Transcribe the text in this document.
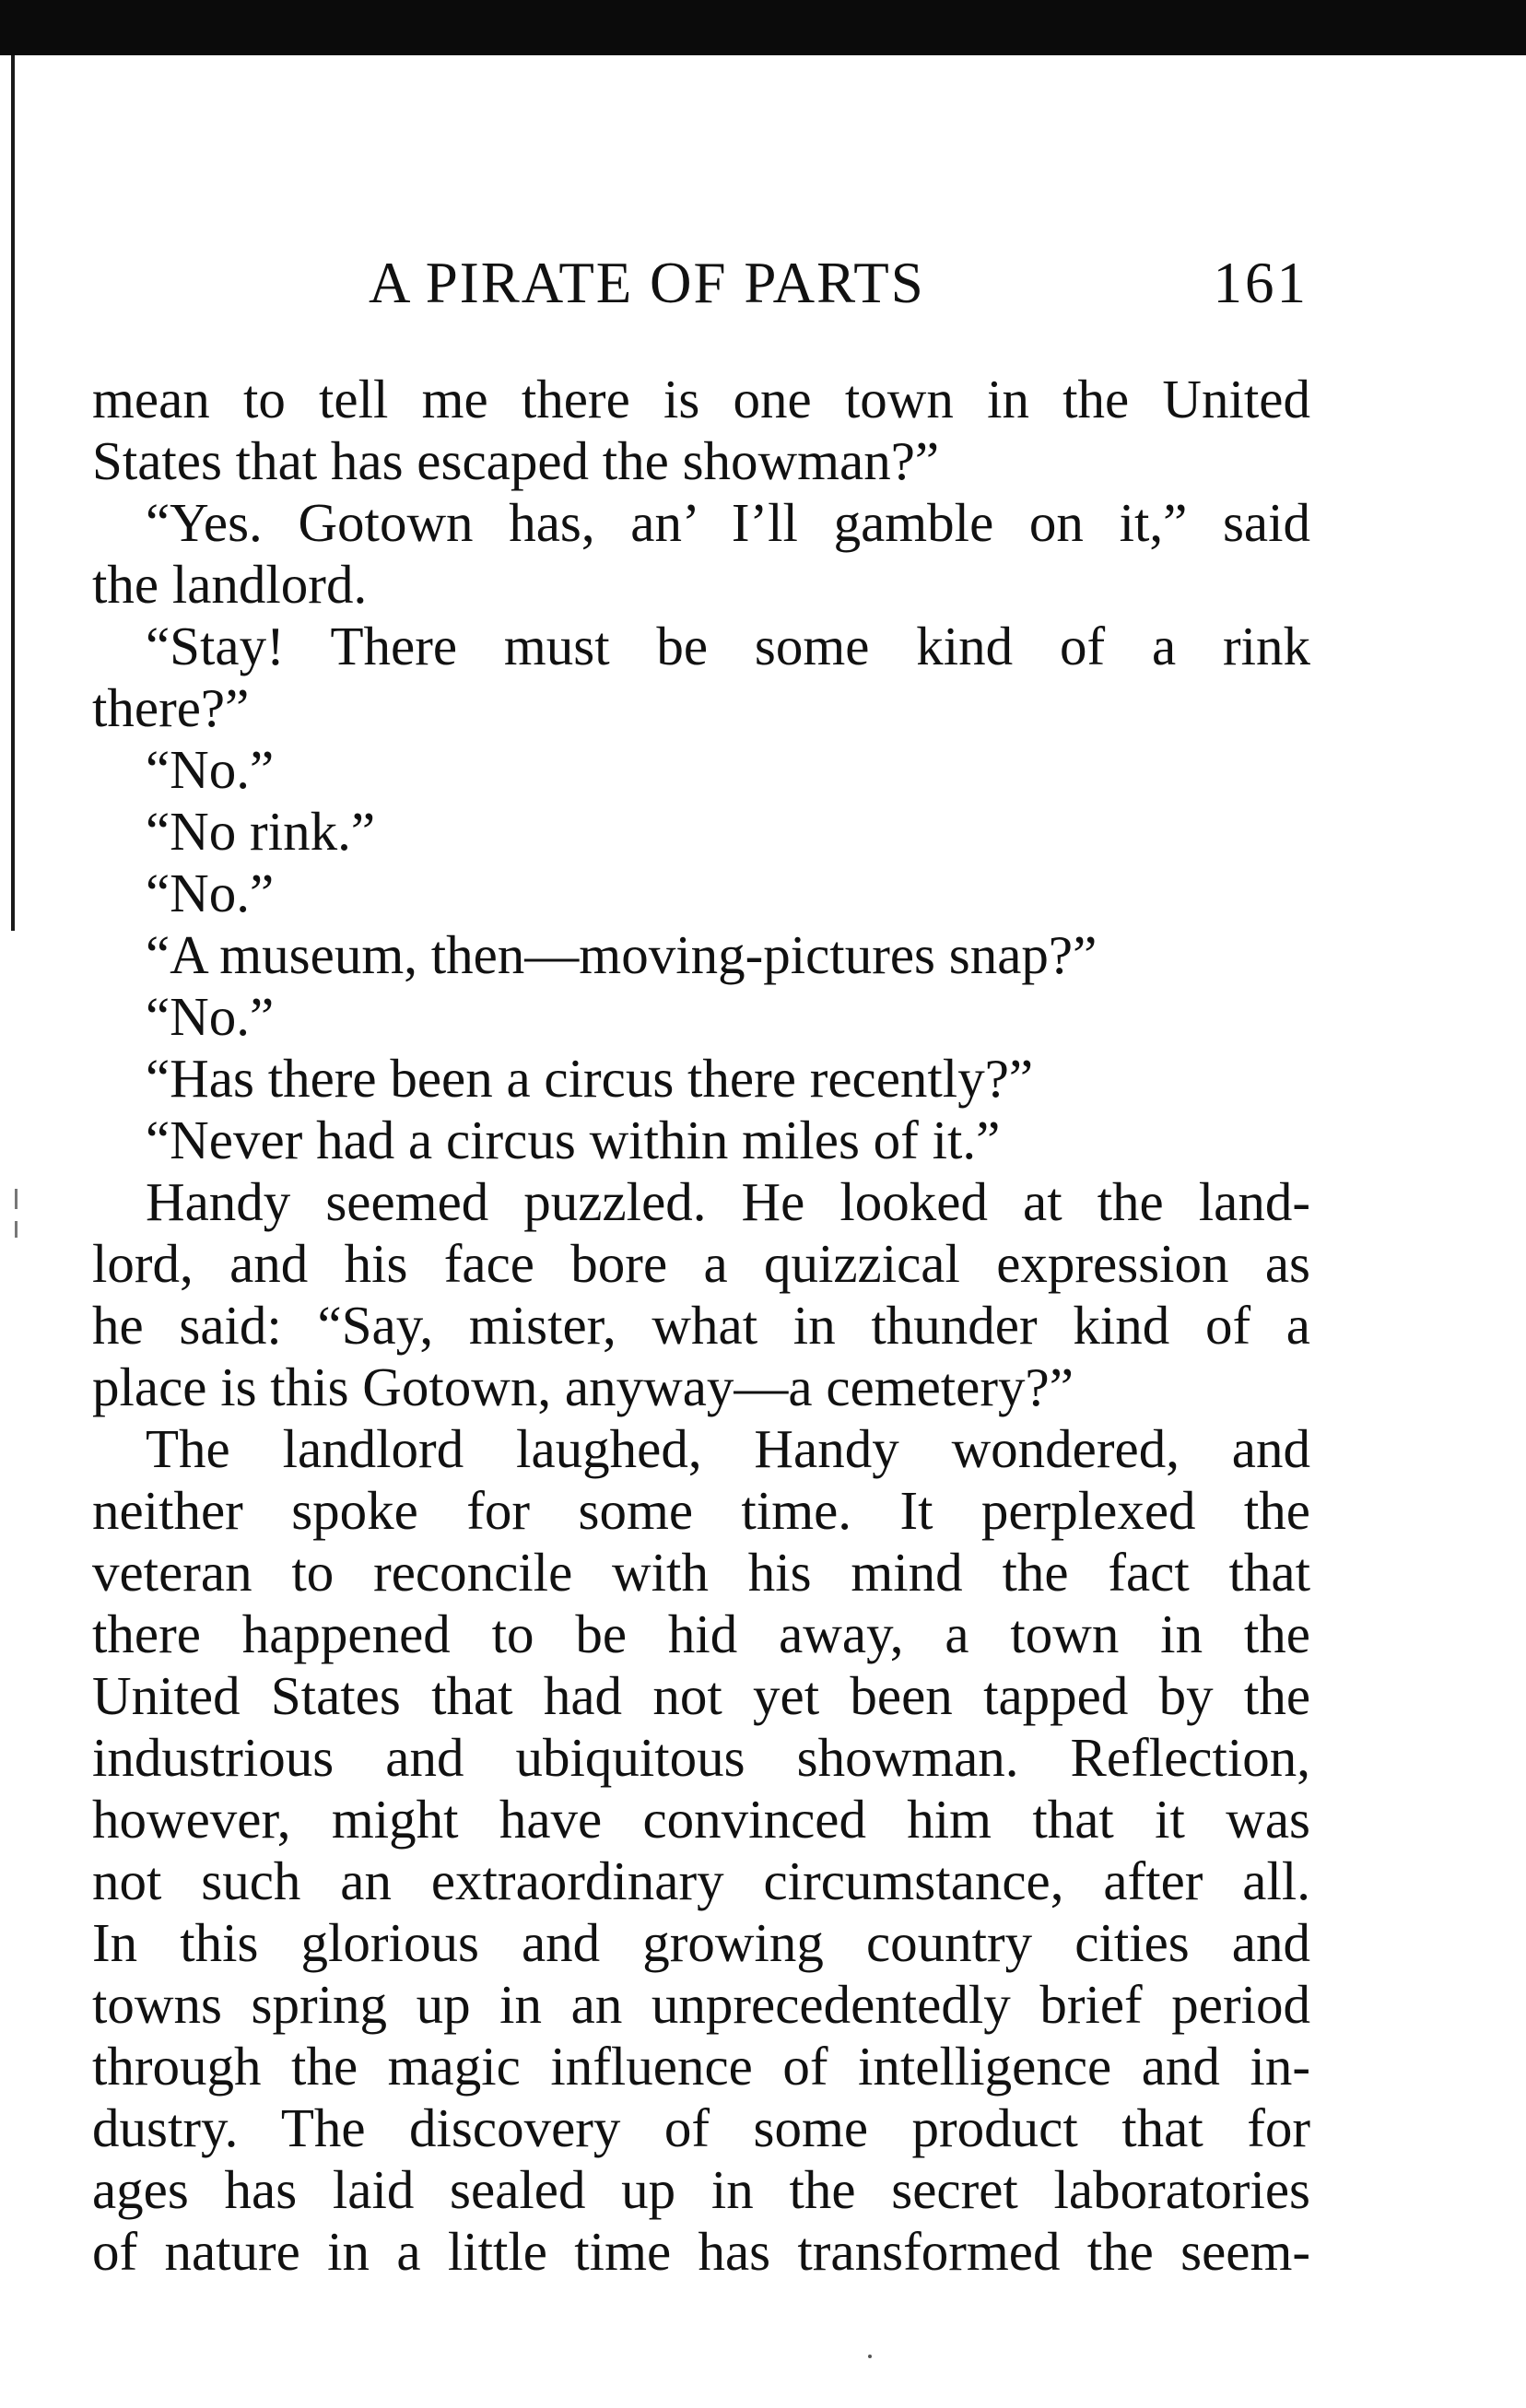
A PIRATE OF PARTS	161
mean to tell me there is one town in the United
States that has escaped the showman?”
“Yes. Gotown has, an’ I’ll gamble on it,” said
the landlord.
“Stay! There must be some kind of a rink
there?”
“No.”
“No rink.”
“No.”
“A museum, then—moving-pictures snap?”
“No.”
“Has there been a circus there recently?”
“Never had a circus within miles of it.”
Handy seemed puzzled. He looked at the land-
lord, and his face bore a quizzical expression as
he said: “Say, mister, what in thunder kind of a
place is this Gotown, anyway—a cemetery?”
The landlord laughed, Handy wondered, and
neither spoke for some time. It perplexed the
veteran to reconcile with his mind the fact that
there happened to be hid away, a town in the
United States that had not yet been tapped by the
industrious and ubiquitous showman. Reflection,
however, might have convinced him that it was
not such an extraordinary circumstance, after all.
In this glorious and growing country cities and
towns spring up in an unprecedentedly brief period
through the magic influence of intelligence and in-
dustry. The discovery of some product that for
ages has laid sealed up in the secret laboratories
of nature in a little time has transformed the seem-
